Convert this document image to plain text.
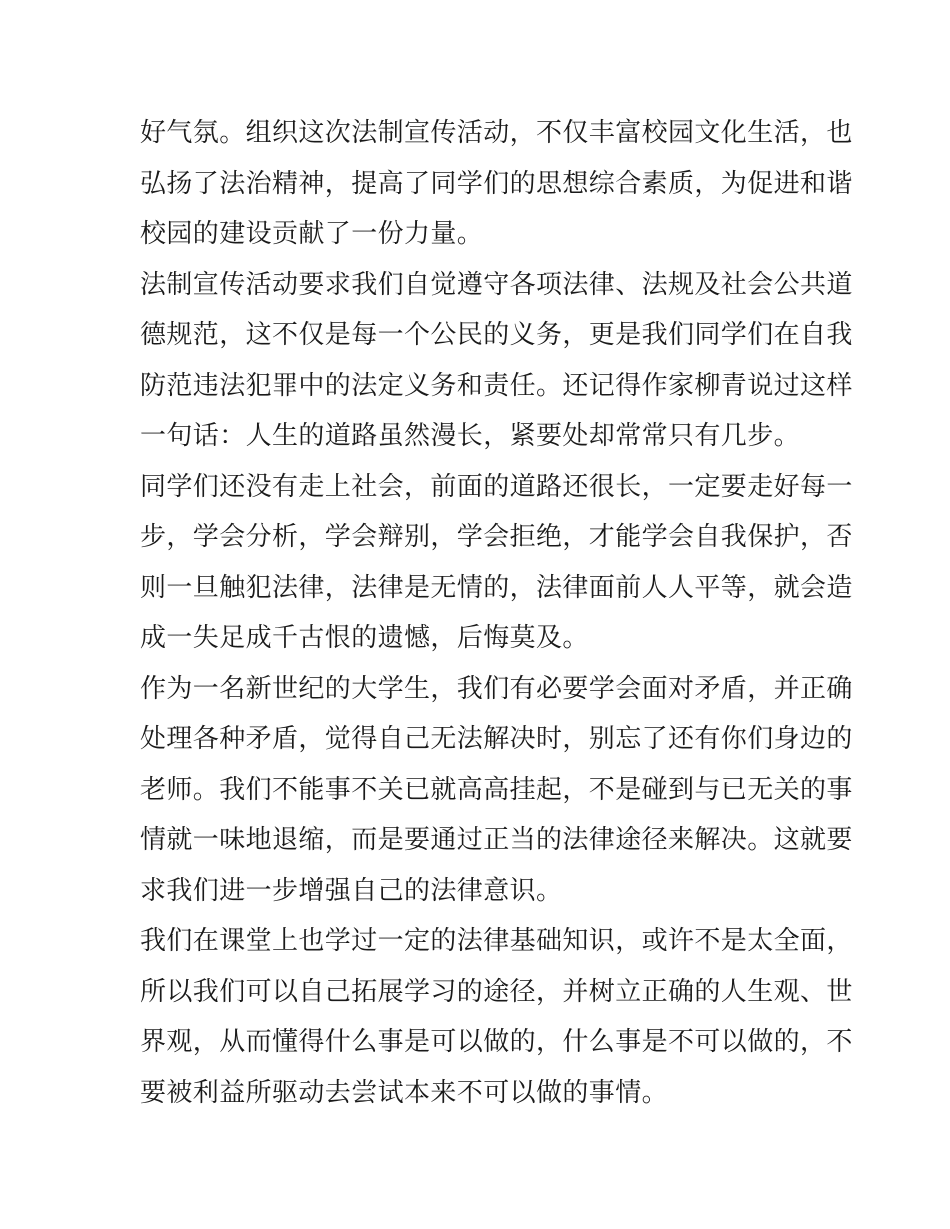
好气氛。组织这次法制宣传活动，不仅丰富校园文化生活，也
弘扬了法治精神，提高了同学们的思想综合素质，为促进和谐
校园的建设贡献了一份力量。
法制宣传活动要求我们自觉遵守各项法律、法规及社会公共道
德规范，这不仅是每一个公民的义务，更是我们同学们在自我
防范违法犯罪中的法定义务和责任。还记得作家柳青说过这样
一句话：人生的道路虽然漫长，紧要处却常常只有几步。
同学们还没有走上社会，前面的道路还很长，一定要走好每一
步，学会分析，学会辩别，学会拒绝，才能学会自我保护，否
则一旦触犯法律，法律是无情的，法律面前人人平等，就会造
成一失足成千古恨的遗憾，后悔莫及。
作为一名新世纪的大学生，我们有必要学会面对矛盾，并正确
处理各种矛盾，觉得自己无法解决时，别忘了还有你们身边的
老师。我们不能事不关已就高高挂起，不是碰到与已无关的事
情就一味地退缩，而是要通过正当的法律途径来解决。这就要
求我们进一步增强自己的法律意识。
我们在课堂上也学过一定的法律基础知识，或许不是太全面，
所以我们可以自己拓展学习的途径，并树立正确的人生观、世
界观，从而懂得什么事是可以做的，什么事是不可以做的，不
要被利益所驱动去尝试本来不可以做的事情。
